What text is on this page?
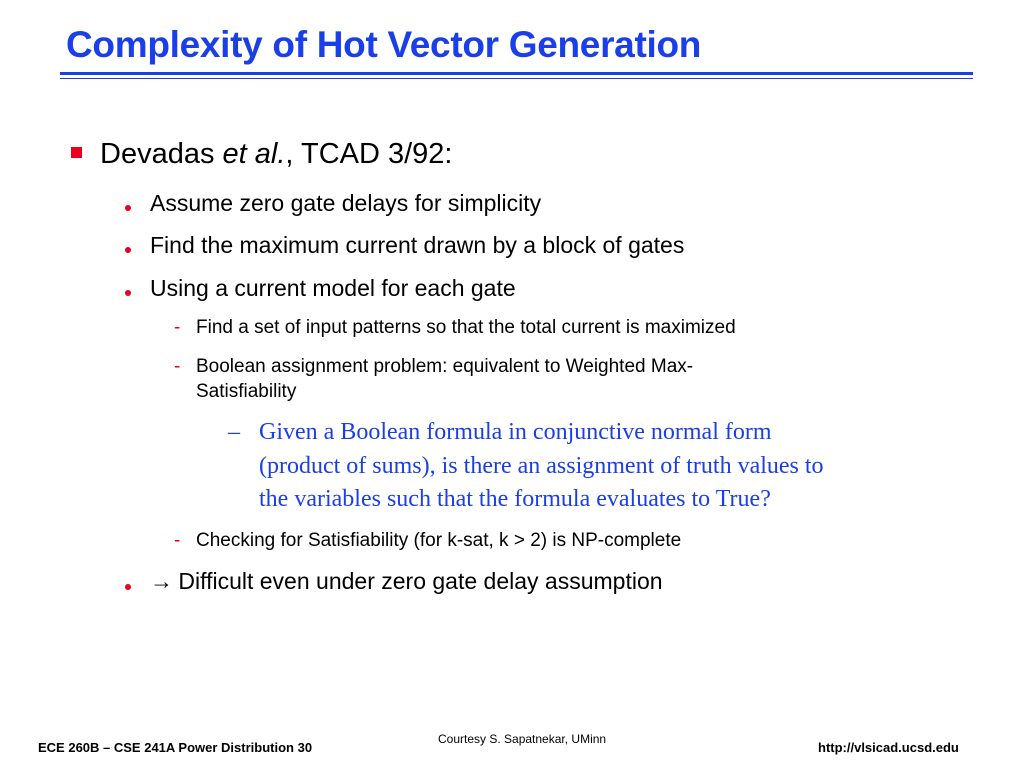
Complexity of Hot Vector Generation
Devadas et al., TCAD 3/92:
Assume zero gate delays for simplicity
Find the maximum current drawn by a block of gates
Using a current model for each gate
- Find a set of input patterns so that the total current is maximized
- Boolean assignment problem: equivalent to Weighted Max-
Satisfiability
– Given a Boolean formula in conjunctive normal form
(product of sums), is there an assignment of truth values to
the variables such that the formula evaluates to True?
- Checking for Satisfiability (for k-sat, k > 2) is NP-complete
→ Difficult even under zero gate delay assumption
ECE 260B – CSE 241A Power Distribution 30
Courtesy S. Sapatnekar, UMinn
http://vlsicad.ucsd.edu
